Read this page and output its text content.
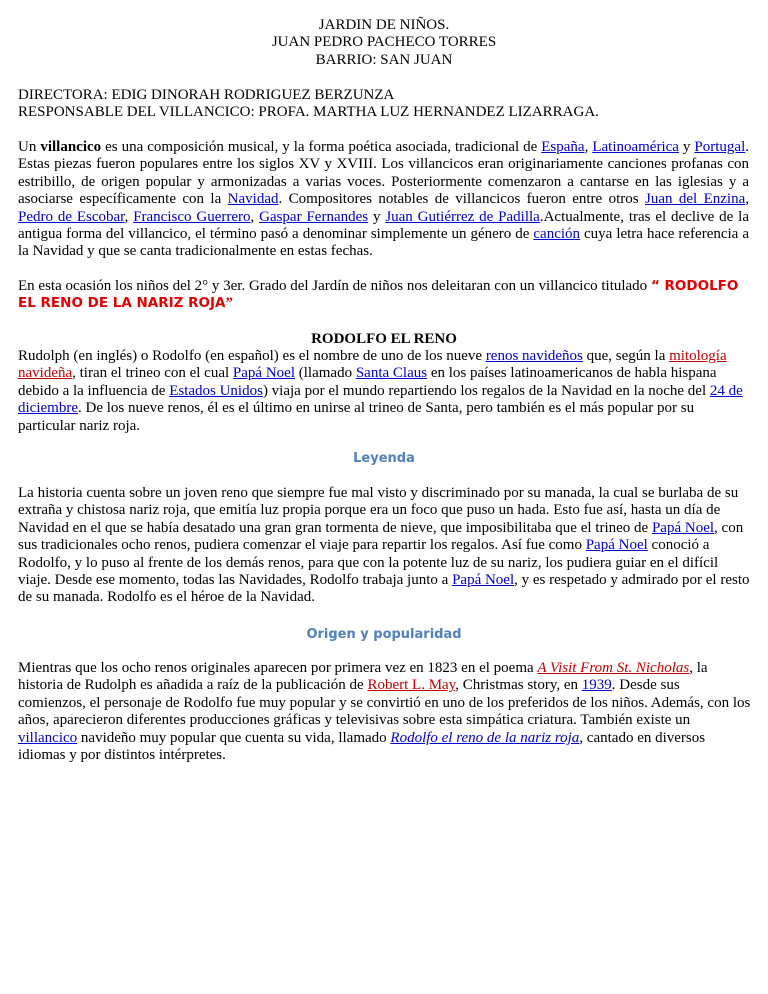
JARDIN DE NIÑOS.
JUAN PEDRO PACHECO TORRES
BARRIO: SAN JUAN
DIRECTORA: EDIG DINORAH RODRIGUEZ BERZUNZA
RESPONSABLE DEL VILLANCICO: PROFA. MARTHA LUZ HERNANDEZ LIZARRAGA.
Un villancico es una composición musical, y la forma poética asociada, tradicional de España, Latinoamérica y Portugal. Estas piezas fueron populares entre los siglos XV y XVIII. Los villancicos eran originariamente canciones profanas con estribillo, de origen popular y armonizadas a varias voces. Posteriormente comenzaron a cantarse en las iglesias y a asociarse específicamente con la Navidad. Compositores notables de villancicos fueron entre otros Juan del Enzina, Pedro de Escobar, Francisco Guerrero, Gaspar Fernandes y Juan Gutiérrez de Padilla.Actualmente, tras el declive de la antigua forma del villancico, el término pasó a denominar simplemente un género de canción cuya letra hace referencia a la Navidad y que se canta tradicionalmente en estas fechas.
En esta ocasión los niños del 2° y 3er. Grado del Jardín de niños nos deleitaran con un villancico titulado “ RODOLFO
EL RENO DE LA NARIZ ROJA”
RODOLFO EL RENO
Rudolph (en inglés) o Rodolfo (en español) es el nombre de uno de los nueve renos navideños que, según la mitología navideña, tiran el trineo con el cual Papá Noel (llamado Santa Claus en los países latinoamericanos de habla hispana debido a la influencia de Estados Unidos) viaja por el mundo repartiendo los regalos de la Navidad en la noche del 24 de diciembre. De los nueve renos, él es el último en unirse al trineo de Santa, pero también es el más popular por su particular nariz roja.
Leyenda
La historia cuenta sobre un joven reno que siempre fue mal visto y discriminado por su manada, la cual se burlaba de su extraña y chistosa nariz roja, que emitía luz propia porque era un foco que puso un hada. Esto fue así, hasta un día de Navidad en el que se había desatado una gran gran tormenta de nieve, que imposibilitaba que el trineo de Papá Noel, con sus tradicionales ocho renos, pudiera comenzar el viaje para repartir los regalos. Así fue como Papá Noel conoció a Rodolfo, y lo puso al frente de los demás renos, para que con la potente luz de su nariz, los pudiera guiar en el difícil viaje. Desde ese momento, todas las Navidades, Rodolfo trabaja junto a Papá Noel, y es respetado y admirado por el resto de su manada. Rodolfo es el héroe de la Navidad.
Origen y popularidad
Mientras que los ocho renos originales aparecen por primera vez en 1823 en el poema A Visit From St. Nicholas, la historia de Rudolph es añadida a raíz de la publicación de Robert L. May, Christmas story, en 1939. Desde sus comienzos, el personaje de Rodolfo fue muy popular y se convirtió en uno de los preferidos de los niños. Además, con los años, aparecieron diferentes producciones gráficas y televisivas sobre esta simpática criatura. También existe un villancico navideño muy popular que cuenta su vida, llamado Rodolfo el reno de la nariz roja, cantado en diversos idiomas y por distintos intérpretes.
